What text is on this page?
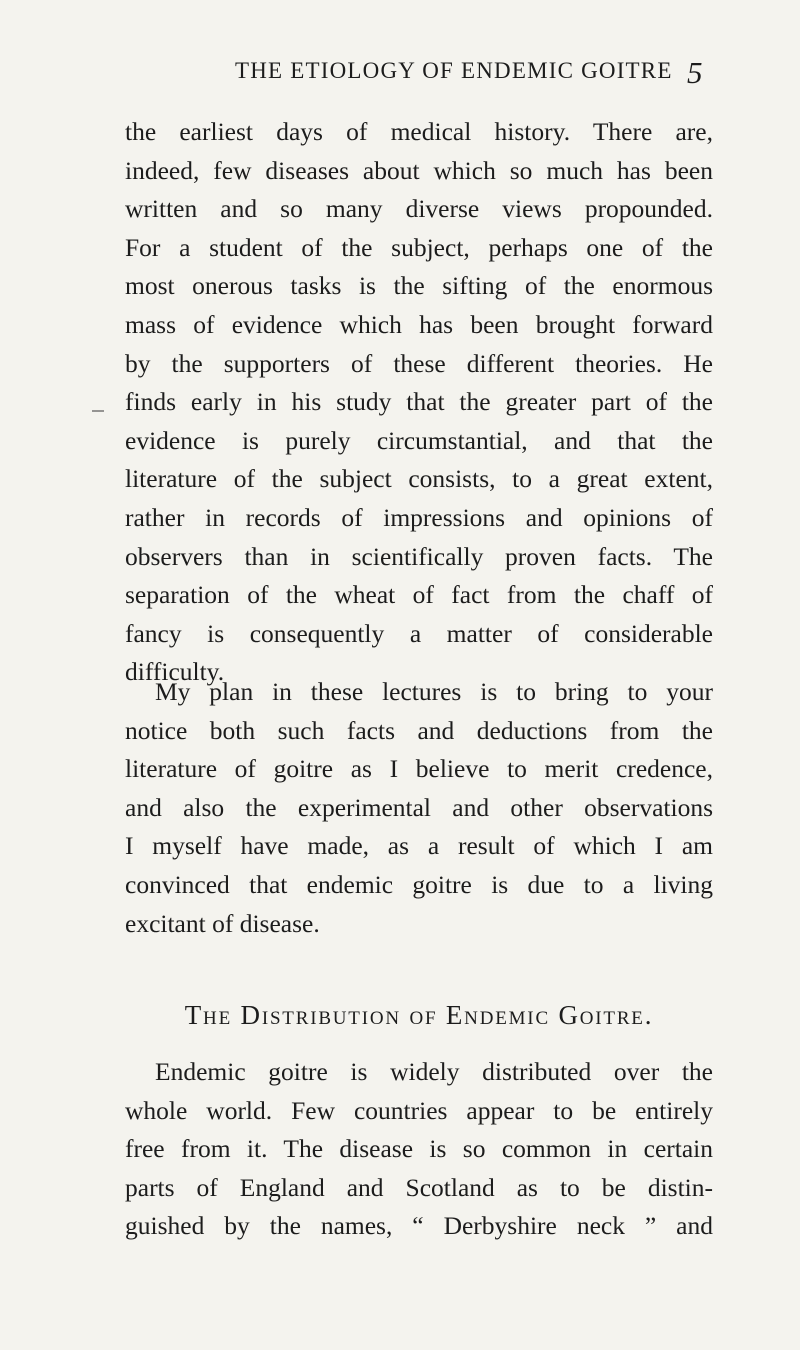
THE ETIOLOGY OF ENDEMIC GOITRE 5
the earliest days of medical history. There are,
indeed, few diseases about which so much has been
written and so many diverse views propounded.
For a student of the subject, perhaps one of the
most onerous tasks is the sifting of the enormous
mass of evidence which has been brought forward
by the supporters of these different theories. He
finds early in his study that the greater part of the
evidence is purely circumstantial, and that the
literature of the subject consists, to a great extent,
rather in records of impressions and opinions of
observers than in scientifically proven facts. The
separation of the wheat of fact from the chaff of
fancy is consequently a matter of considerable
difficulty.
My plan in these lectures is to bring to your
notice both such facts and deductions from the
literature of goitre as I believe to merit credence,
and also the experimental and other observations
I myself have made, as a result of which I am
convinced that endemic goitre is due to a living
excitant of disease.
The Distribution of Endemic Goitre.
Endemic goitre is widely distributed over the
whole world. Few countries appear to be entirely
free from it. The disease is so common in certain
parts of England and Scotland as to be distin-
guished by the names, “ Derbyshire neck ” and
